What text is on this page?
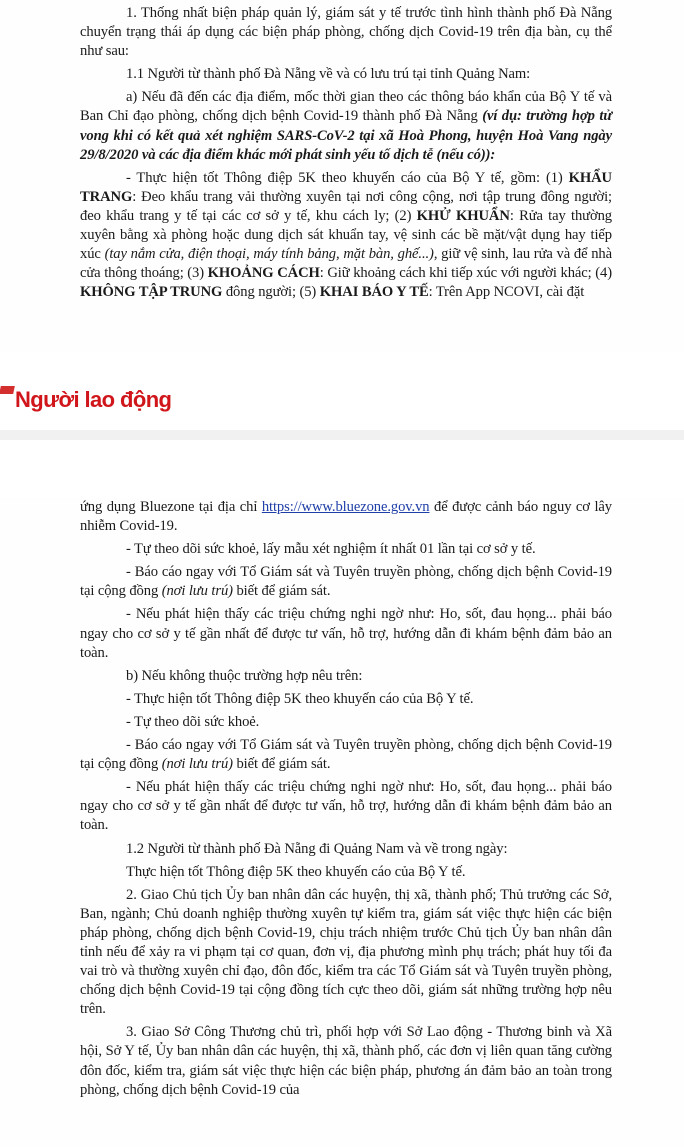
1. Thống nhất biện pháp quản lý, giám sát y tế trước tình hình thành phố Đà Nẵng chuyển trạng thái áp dụng các biện pháp phòng, chống dịch Covid-19 trên địa bàn, cụ thể như sau:

1.1 Người từ thành phố Đà Nẵng về và có lưu trú tại tỉnh Quảng Nam:

a) Nếu đã đến các địa điểm, mốc thời gian theo các thông báo khẩn của Bộ Y tế và Ban Chỉ đạo phòng, chống dịch bệnh Covid-19 thành phố Đà Nẵng (ví dụ: trường hợp tử vong khi có kết quả xét nghiệm SARS-CoV-2 tại xã Hoà Phong, huyện Hoà Vang ngày 29/8/2020 và các địa điểm khác mới phát sinh yếu tố dịch tễ (nếu có)):

- Thực hiện tốt Thông điệp 5K theo khuyến cáo của Bộ Y tế, gồm: (1) KHẨU TRANG: Đeo khẩu trang vải thường xuyên tại nơi công cộng, nơi tập trung đông người; đeo khẩu trang y tế tại các cơ sở y tế, khu cách ly; (2) KHỬ KHUẨN: Rửa tay thường xuyên bằng xà phòng hoặc dung dịch sát khuẩn tay, vệ sinh các bề mặt/vật dụng hay tiếp xúc (tay nắm cửa, điện thoại, máy tính bảng, mặt bàn, ghế...), giữ vệ sinh, lau rửa và để nhà cửa thông thoáng; (3) KHOẢNG CÁCH: Giữ khoảng cách khi tiếp xúc với người khác; (4) KHÔNG TẬP TRUNG đông người; (5) KHAI BÁO Y TẾ: Trên App NCOVI, cài đặt

Người lao động

ứng dụng Bluezone tại địa chỉ https://www.bluezone.gov.vn để được cảnh báo nguy cơ lây nhiễm Covid-19.

- Tự theo dõi sức khoẻ, lấy mẫu xét nghiệm ít nhất 01 lần tại cơ sở y tế.

- Báo cáo ngay với Tổ Giám sát và Tuyên truyền phòng, chống dịch bệnh Covid-19 tại cộng đồng (nơi lưu trú) biết để giám sát.

- Nếu phát hiện thấy các triệu chứng nghi ngờ như: Ho, sốt, đau họng... phải báo ngay cho cơ sở y tế gần nhất để được tư vấn, hỗ trợ, hướng dẫn đi khám bệnh đảm bảo an toàn.

b) Nếu không thuộc trường hợp nêu trên:

- Thực hiện tốt Thông điệp 5K theo khuyến cáo của Bộ Y tế.

- Tự theo dõi sức khoẻ.

- Báo cáo ngay với Tổ Giám sát và Tuyên truyền phòng, chống dịch bệnh Covid-19 tại cộng đồng (nơi lưu trú) biết để giám sát.

- Nếu phát hiện thấy các triệu chứng nghi ngờ như: Ho, sốt, đau họng... phải báo ngay cho cơ sở y tế gần nhất để được tư vấn, hỗ trợ, hướng dẫn đi khám bệnh đảm bảo an toàn.

1.2 Người từ thành phố Đà Nẵng đi Quảng Nam và về trong ngày:

Thực hiện tốt Thông điệp 5K theo khuyến cáo của Bộ Y tế.

2. Giao Chủ tịch Ủy ban nhân dân các huyện, thị xã, thành phố; Thủ trưởng các Sở, Ban, ngành; Chủ doanh nghiệp thường xuyên tự kiểm tra, giám sát việc thực hiện các biện pháp phòng, chống dịch bệnh Covid-19, chịu trách nhiệm trước Chủ tịch Ủy ban nhân dân tỉnh nếu để xảy ra vi phạm tại cơ quan, đơn vị, địa phương mình phụ trách; phát huy tối đa vai trò và thường xuyên chỉ đạo, đôn đốc, kiểm tra các Tổ Giám sát và Tuyên truyền phòng, chống dịch bệnh Covid-19 tại cộng đồng tích cực theo dõi, giám sát những trường hợp nêu trên.

3. Giao Sở Công Thương chủ trì, phối hợp với Sở Lao động - Thương binh và Xã hội, Sở Y tế, Ủy ban nhân dân các huyện, thị xã, thành phố, các đơn vị liên quan tăng cường đôn đốc, kiểm tra, giám sát việc thực hiện các biện pháp, phương án đảm bảo an toàn trong phòng, chống dịch bệnh Covid-19 của
